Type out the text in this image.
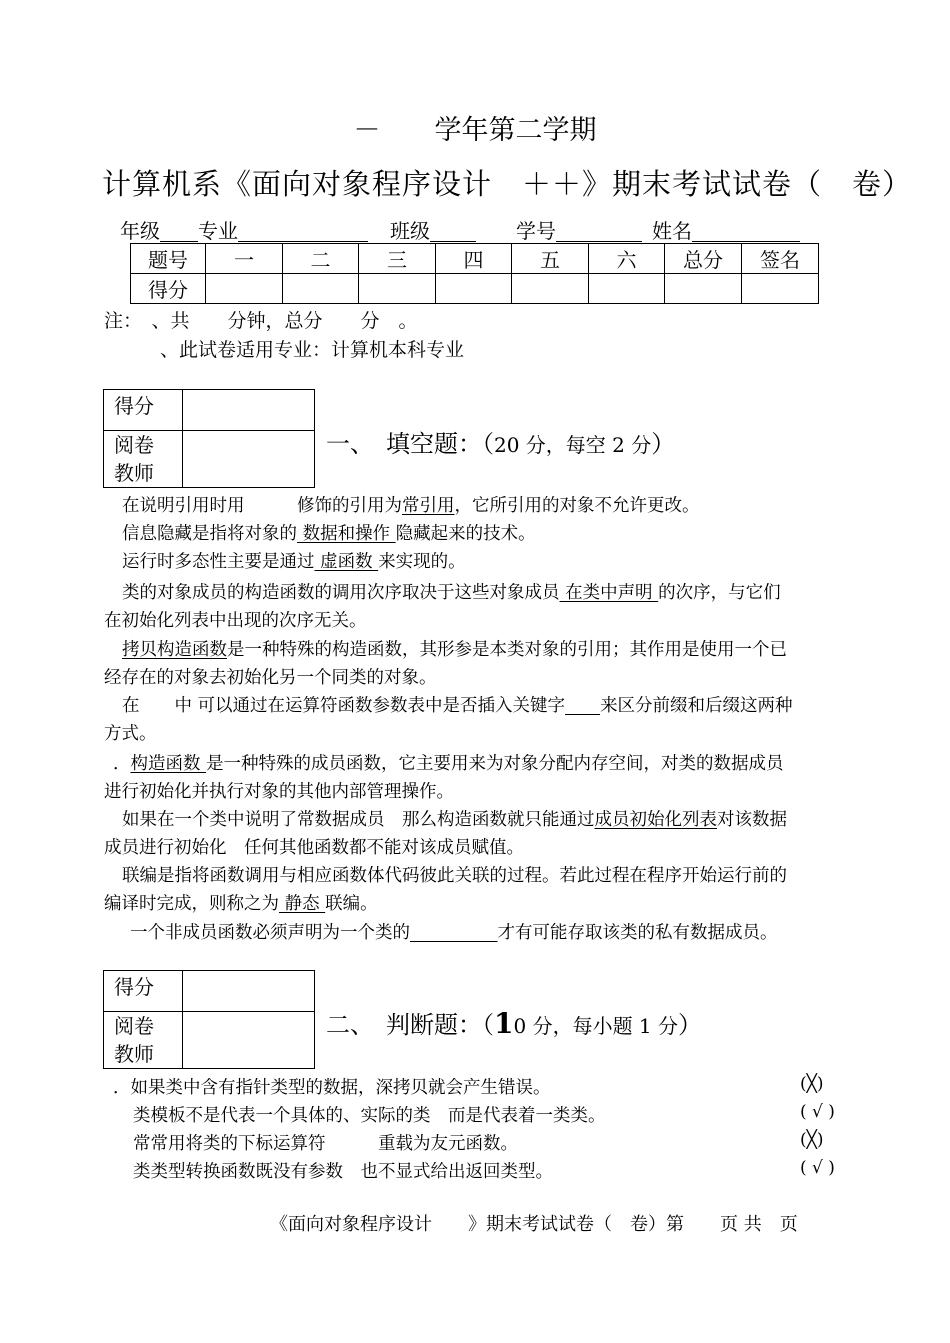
－　　学年第二学期
计算机系《面向对象程序设计　＋＋》期末考试试卷（　卷）
年级 专业	班级	学号	姓名
题号	一	二	三	四	五	六	总分	签名
得分								
注：　、共　　分钟，总分　　分　。
、此试卷适用专业：计算机本科专业
得分	
阅卷
教师	
一、　填空题：（20 分，每空 2 分）
在说明引用时用　　　修饰的引用为常引用，它所引用的对象不允许更改。
信息隐藏是指将对象的 数据和操作 隐藏起来的技术。
运行时多态性主要是通过 虚函数 来实现的。
类的对象成员的构造函数的调用次序取决于这些对象成员 在类中声明 的次序，与它们
在初始化列表中出现的次序无关。
拷贝构造函数是一种特殊的构造函数，其形参是本类对象的引用；其作用是使用一个已
经存在的对象去初始化另一个同类的对象。
在　　中 可以通过在运算符函数参数表中是否插入关键字　　 来区分前缀和后缀这两种
方式。
．构造函数 是一种特殊的成员函数，它主要用来为对象分配内存空间，对类的数据成员
进行初始化并执行对象的其他内部管理操作。
如果在一个类中说明了常数据成员　那么构造函数就只能通过成员初始化列表对该数据
成员进行初始化　任何其他函数都不能对该成员赋值。
联编是指将函数调用与相应函数体代码彼此关联的过程。若此过程在程序开始运行前的
编译时完成，则称之为 静态 联编。
一个非成员函数必须声明为一个类的　　　　　	才有可能存取该类的私有数据成员。
得分	
阅卷
教师	
二、　判断题：（10 分，每小题 1 分）
．如果类中含有指针类型的数据，深拷贝就会产生错误。	(╳)
类模板不是代表一个具体的、实际的类　而是代表着一类类。	( √ )
常常用将类的下标运算符　　　重载为友元函数。	(╳)
类类型转换函数既没有参数　也不显式给出返回类型。	( √ )
《面向对象程序设计　　》期末考试试卷（　卷）第　　页 共　页
